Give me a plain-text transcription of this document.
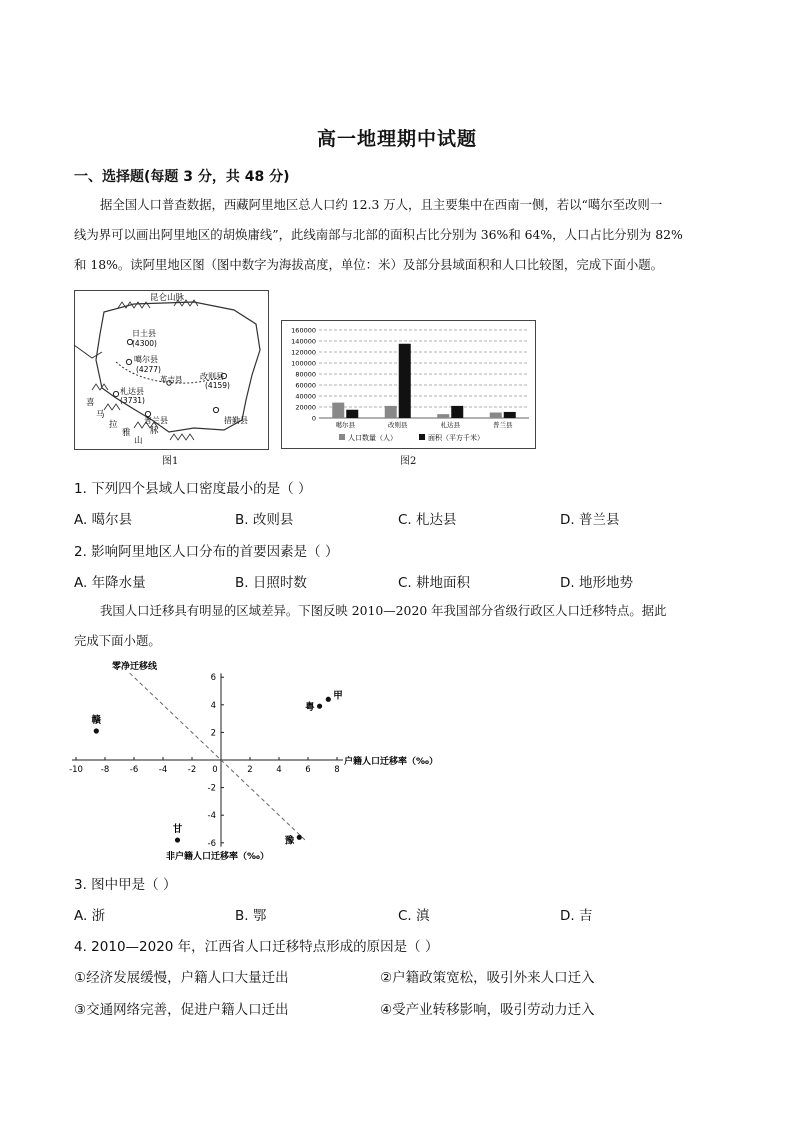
高一地理期中试题
一、选择题(每题 3 分，共 48 分)
据全国人口普查数据，西藏阿里地区总人口约 12.3 万人，且主要集中在西南一侧，若以“噶尔至改则一
线为界可以画出阿里地区的胡焕庸线”，此线南部与北部的面积占比分别为 36%和 64%，人口占比分别为 82%
和 18%。读阿里地区图（图中数字为海拔高度，单位：米）及部分县域面积和人口比较图，完成下面小题。
昆仑山脉
日土县
(4300)
噶尔县
(4277)
革吉县 改则县
(4159)
札达县
(3731)
普兰县	措勤县
喜
马
拉
雅
山
脉
图1
0
20000
40000
60000
80000
100000
120000
140000
160000
噶尔县	改则县	札达县	普兰县
人口数量（人）	面积（平方千米）
图2
1. 下列四个县域人口密度最小的是（ ）
A. 噶尔县	B. 改则县	C. 札达县	D. 普兰县
2. 影响阿里地区人口分布的首要因素是（ ）
A. 年降水量	B. 日照时数	C. 耕地面积	D. 地形地势
我国人口迁移具有明显的区域差异。下图反映 2010—2020 年我国部分省级行政区人口迁移特点。据此
完成下面小题。
-10 -8 -6 -4 -2 0	2	4	6	8
6
4
2
-2
-4
-6
甲
粤
赣
甘
豫
零净迁移线
户籍人口迁移率（‰）
非户籍人口迁移率（‰）
3. 图中甲是（ ）
A. 浙	B. 鄂	C. 滇	D. 吉
4. 2010—2020 年，江西省人口迁移特点形成的原因是（ ）
①经济发展缓慢，户籍人口大量迁出	②户籍政策宽松，吸引外来人口迁入
③交通网络完善，促进户籍人口迁出	④受产业转移影响，吸引劳动力迁入
